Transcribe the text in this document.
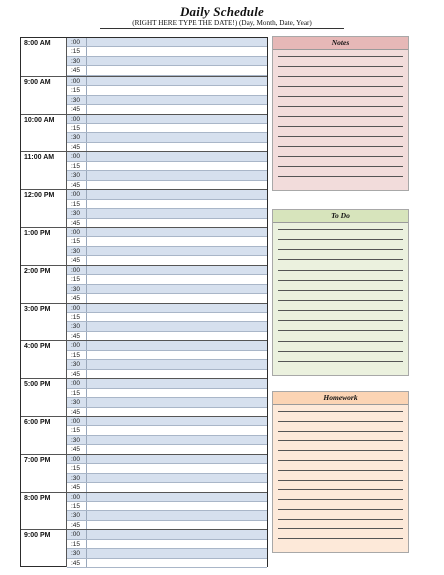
Daily Schedule
(RIGHT HERE TYPE THE DATE!) (Day, Month, Date, Year)
8:00 AM	:00
:15
:30
:45
9:00 AM	:00
:15
:30
:45
10:00 AM	:00
:15
:30
:45
11:00 AM	:00
:15
:30
:45
12:00 PM	:00
:15
:30
:45
1:00 PM	:00
:15
:30
:45
2:00 PM	:00
:15
:30
:45
3:00 PM	:00
:15
:30
:45
4:00 PM	:00
:15
:30
:45
5:00 PM	:00
:15
:30
:45
6:00 PM	:00
:15
:30
:45
7:00 PM	:00
:15
:30
:45
8:00 PM	:00
:15
:30
:45
9:00 PM	:00
:15
:30
:45
Notes
To Do
Homework
